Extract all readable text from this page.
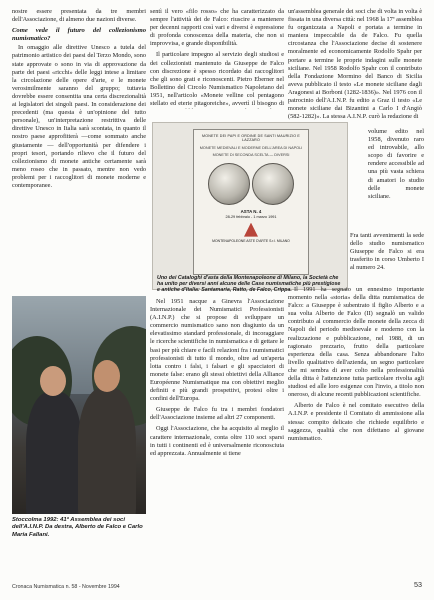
nostre essere presentata da tre membri dell'Associazione, di almeno due nazioni diverse.

Come vede il futuro del collezionismo numismatico?

In omaggio alle direttive Unesco a tutela del patrimonio artistico dei paesi del Terzo Mondo, sono state approvate o sono in via di approvazione da parte dei paesi «ricchi» delle leggi intese a limitare la circolazione delle opere d'arte, e le monete verosimilmente saranno del gruppo; tuttavia dovrebbe essere consentita una certa discrezionalità ai legislatori dei singoli paesi. In considerazione dei precedenti (ma questa è un'opinione del tutto personale), un'interpretazione restrittiva delle direttive Unesco in Italia sarà scontata, in quanto il nostro paese approfitterà —come sommato anche giustamente — dell'opportunità per difendere i propri tesori, portando rilievo che il futuro del collezionismo di monete antiche certamente sarà meno roseo che in passato, mentre non vedo problemi per i raccoglitori di monete moderne e contemporanee.

Stoccolma 1992: 41ª Assemblea dei soci dell'A.I.N.P. Da destra, Alberto de Falco e Carlo Maria Fallani.

sentì il vero «filo rosso» che ha caratterizzato da sempre l'attività dei de Falco: riuscire a mantenere per decenni rapporti così vari e diversi è espressione di profonda conoscenza della materia, che non si improvvisa, e grande disponibilità.

Il particolare impegno al servizio degli studiosi e dei collezionisti mantenuto da Giuseppe de Falco con discrezione è spesso ricordato dai raccoglitori che gli sono grati e riconoscenti. Pietro Eberner nel Bollettino del Circolo Numismatico Napoletano del 1951, nell'articolo «Monete velline col pentagono stellato ed eterie pitagoreiche», avvertì il bisogno di

MONETE DEI PAPI E ORDINE DE SANTI MAURIZIO E LAZZARO
MONETE MEDIEVALI E MODERNE DELL'AREA DI NAPOLI
MONETE DI SECONDA SCELTA — DIVERSI
ASTA N. 4
28-29 febbraio - 1 marzo 1991
MONTENAPOLEONE ASTE D'ARTE S.r.l. MILANO
Uno dei Cataloghi d'asta della Montenapoleone di Milano, la Società che ha unito per diversi anni alcune delle Case numismatiche più prestigiose e antiche d'Italia: Santamaria, Ratto, de Falco, Crippa.

Nel 1951 nacque a Ginevra l'Associazione Internazionale dei Numismatici Professionisti (A.I.N.P.) che si propose di sviluppare un commercio numismatico sano non disgiunto da un elevatissimo standard professionale, di incoraggiare le ricerche scientifiche in numismatica e di gettare le basi per più chiare e facili relazioni fra i numismatici professionisti di tutto il mondo, oltre ad un'aperta lotta contro i falsi, i falsari e gli spacciatori di monete false: erano gli stessi obiettivi della Alliance Européenne Numismatique ma con obiettivi meglio definiti e più grandi prospettivi, protesi oltre i confini dell'Europa.

Giuseppe de Falco fu tra i membri fondatori dell'Associazione insieme ad altri 27 componenti.

Oggi l'Associazione, che ha acquisito al meglio il carattere internazionale, conta oltre 110 soci sparsi in tutti i continenti ed è universalmente riconosciuta ed apprezzata. Annualmente si tiene

un'assemblea generale dei soci che di volta in volta è fissata in una diversa città: nel 1968 la 17ª assemblea fu organizzata a Napoli e portata a termine in maniera impeccabile da de Falco. Fu quella circostanza che l'Associazione decise di sostenere moralmente ed economicamente Rodolfo Spahr per portare a termine le proprie indagini sulle monete siciliane. Nel 1958 Rodolfo Spahr con il contributo della Fondazione Mormino del Banco di Sicilia aveva pubblicato il testo «Le monete siciliane dagli Aragonesi ai Borboni (1282-1836)». Nel 1976 con il patrocinio dell'A.I.N.P. fu edito a Graz il testo «Le monete siciliane dai Bizantini a Carlo I d'Angiò (582-1282)». La stessa A.I.N.P. curò la redazione di

volume edito nel 1958, divenuto raro ed introvabile, allo scopo di favorire e rendere accessibile ad una più vasta schiera di amatori lo studio delle monete siciliane.

Fra tanti avvenimenti la sede dello studio numismatico Giuseppe de Falco si era trasferito in corso Umberto I al numero 24.

Il 1991 ha segnato un ennesimo importante momento nella «storia» della ditta numismatica de Falco: a Giuseppe è subentrato il figlio Alberto e a sua volta Alberto de Falco (II) segnalò un valido contributo al commercio delle monete della zecca di Napoli del periodo medioevale e moderno con la realizzazione e pubblicazione, nel 1988, di un ragionato prezzario, frutto della particolare esperienza della casa. Senza abbandonare l'alto livello qualitativo dell'azienda, un segno particolare che mi sembra di aver colto nella professionalità della ditta è l'attenzione tutta particolare rivolta agli studiosi ed alle loro esigenze con l'invio, a titolo non oneroso, di alcune recenti pubblicazioni scientifiche.

Alberto de Falco è nel comitato esecutivo della A.I.N.P. e presidente il Comitato di ammissione alla stessa: compito delicato che richiede equilibrio e saggezza, qualità che non difettano al giovane numismatico.

Cronaca Numismatica n. 58 - Novembre 1994	53
